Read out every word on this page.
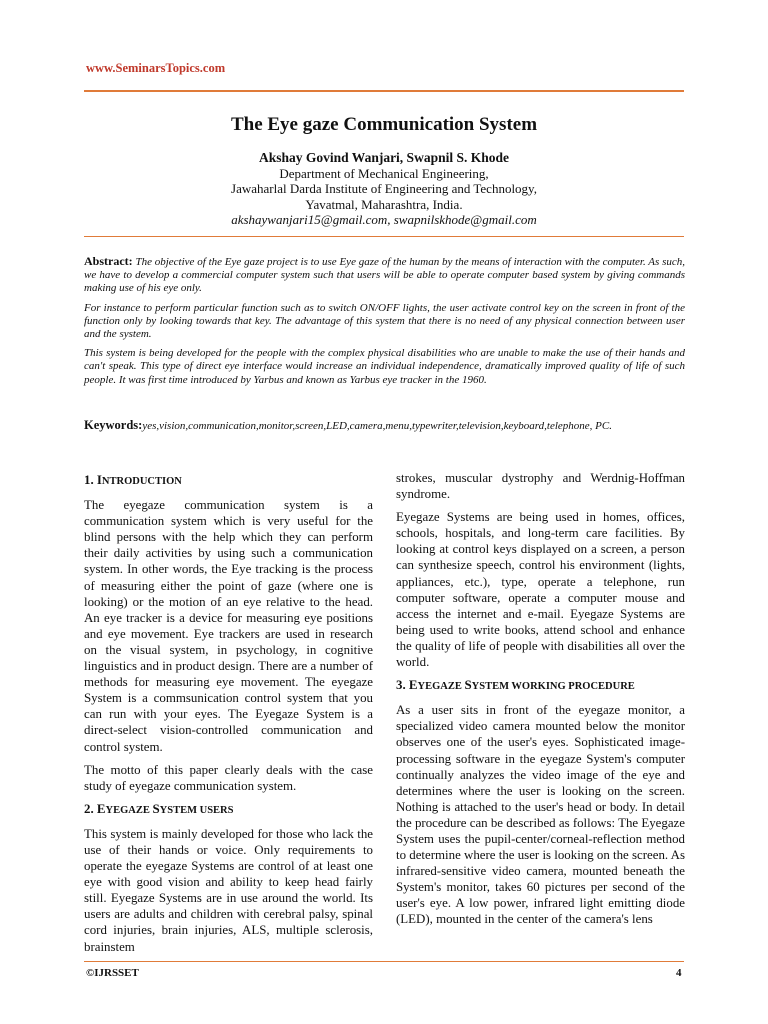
www.SeminarsTopics.com
The Eye gaze Communication System
Akshay Govind Wanjari, Swapnil S. Khode
Department of Mechanical Engineering,
Jawaharlal Darda Institute of Engineering and Technology,
Yavatmal, Maharashtra, India.
akshaywanjari15@gmail.com, swapnilskhode@gmail.com

Abstract: The objective of the Eye gaze project is to use Eye gaze of the human by the means of interaction with the computer. As such, we have to develop a commercial computer system such that users will be able to operate computer based system by giving commands making use of his eye only.

For instance to perform particular function such as to switch ON/OFF lights, the user activate control key on the screen in front of the function only by looking towards that key. The advantage of this system that there is no need of any physical connection between user and the system.

This system is being developed for the people with the complex physical disabilities who are unable to make the use of their hands and can't speak. This type of direct eye interface would increase an individual independence, dramatically improved quality of life of such people. It was first time introduced by Yarbus and known as Yarbus eye tracker in the 1960.

Keywords:yes,vision,communication,monitor,screen,LED,camera,menu,typewriter,television,keyboard,telephone, PC.
1. INTRODUCTION

The eyegaze communication system is a communication system which is very useful for the blind persons with the help which they can perform their daily activities by using such a communication system. In other words, the Eye tracking is the process of measuring either the point of gaze (where one is looking) or the motion of an eye relative to the head. An eye tracker is a device for measuring eye positions and eye movement. Eye trackers are used in research on the visual system, in psychology, in cognitive linguistics and in product design. There are a number of methods for measuring eye movement. The eyegaze System is a commsunication control system that you can run with your eyes. The Eyegaze System is a direct-select vision-controlled communication and control system.

The motto of this paper clearly deals with the case study of eyegaze communication system.

2. EYEGAZE SYSTEM USERS

This system is mainly developed for those who lack the use of their hands or voice. Only requirements to operate the eyegaze Systems are control of at least one eye with good vision and ability to keep head fairly still. Eyegaze Systems are in use around the world. Its users are adults and children with cerebral palsy, spinal cord injuries, brain injuries, ALS, multiple sclerosis, brainstem

strokes, muscular dystrophy and Werdnig-Hoffman syndrome.

Eyegaze Systems are being used in homes, offices, schools, hospitals, and long-term care facilities. By looking at control keys displayed on a screen, a person can synthesize speech, control his environment (lights, appliances, etc.), type, operate a telephone, run computer software, operate a computer mouse and access the internet and e-mail. Eyegaze Systems are being used to write books, attend school and enhance the quality of life of people with disabilities all over the world.

3. EYEGAZE SYSTEM WORKING PROCEDURE

As a user sits in front of the eyegaze monitor, a specialized video camera mounted below the monitor observes one of the user's eyes. Sophisticated image- processing software in the eyegaze System's computer continually analyzes the video image of the eye and determines where the user is looking on the screen. Nothing is attached to the user's head or body. In detail the procedure can be described as follows: The Eyegaze System uses the pupil-center/corneal-reflection method to determine where the user is looking on the screen. As infrared-sensitive video camera, mounted beneath the System's monitor, takes 60 pictures per second of the user's eye. A low power, infrared light emitting diode (LED), mounted in the center of the camera's lens

©IJRSSET	4
